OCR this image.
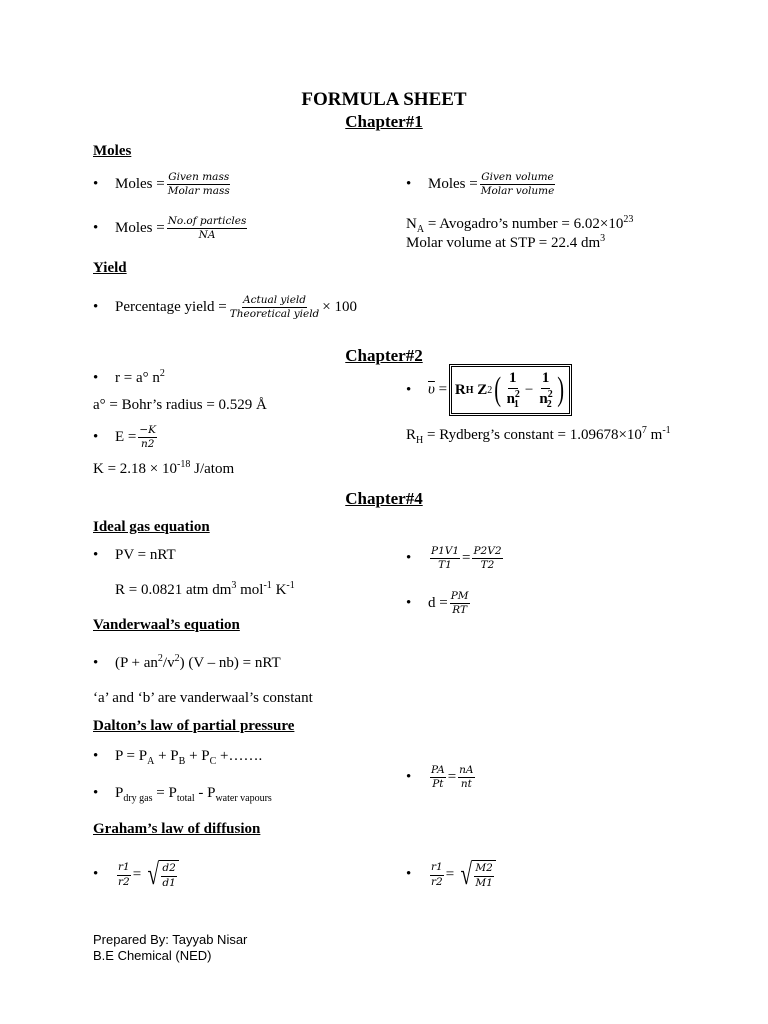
FORMULA SHEET
Chapter#1
Moles
• Moles = $\frac{\text{Given mass}}{\text{Molar mass}}$	• Moles = $\frac{\text{Given volume}}{\text{Molar volume}}$
• Moles = $\frac{\text{No.of particles}}{NA}$	$N_A$ = Avogadro’s number = $6.02\times 10^{23}$
Molar volume at STP = 22.4 $dm^3$
Yield
• Percentage yield = $\frac{\text{Actual yield}}{\text{Theoretical yield}} \times 100$
Chapter#2
• r = a° $n^2$
• $\overline{\upsilon} = R$ H
Z 2 ( $\frac{1}{n^2_1} - \frac{1}{n^2_2}$ )
a° = Bohr’s radius = 0.529 Å
• $E = \frac{-K}{n2}$	$R_H$ = Rydberg’s constant = $1.09678\times 10^7$ $m^{-1}$
$K = 2.18 \times 10^{-18}$ J/atom
Chapter#4
Ideal gas equation
• PV = nRT	• $\frac{P1V1}{T1} = \frac{P2V2}{T2}$
R = 0.0821 atm $dm^3$ mol$^{-1}$ $K^{-1}$
• $d = \frac{PM}{RT}$
Vanderwaal’s equation
• $(P + an^2/v^2)$ (V – nb) = nRT
‘a’ and ‘b’ are vanderwaal’s constant
Dalton’s law of partial pressure
• $P = P_A + P_B + P_C$ +…….
• $\frac{PA}{Pt} = \frac{nA}{nt}$
• $P_{dry gas} = P_{total} - P_{water vapours}$
Graham’s law of diffusion
• $\frac{r1}{r2}$ = √ $\frac{d2}{d1}$	• $\frac{r1}{r2}$ = √ $\frac{M2}{M1}$
Prepared By: Tayyab Nisar
B.E Chemical (NED)
